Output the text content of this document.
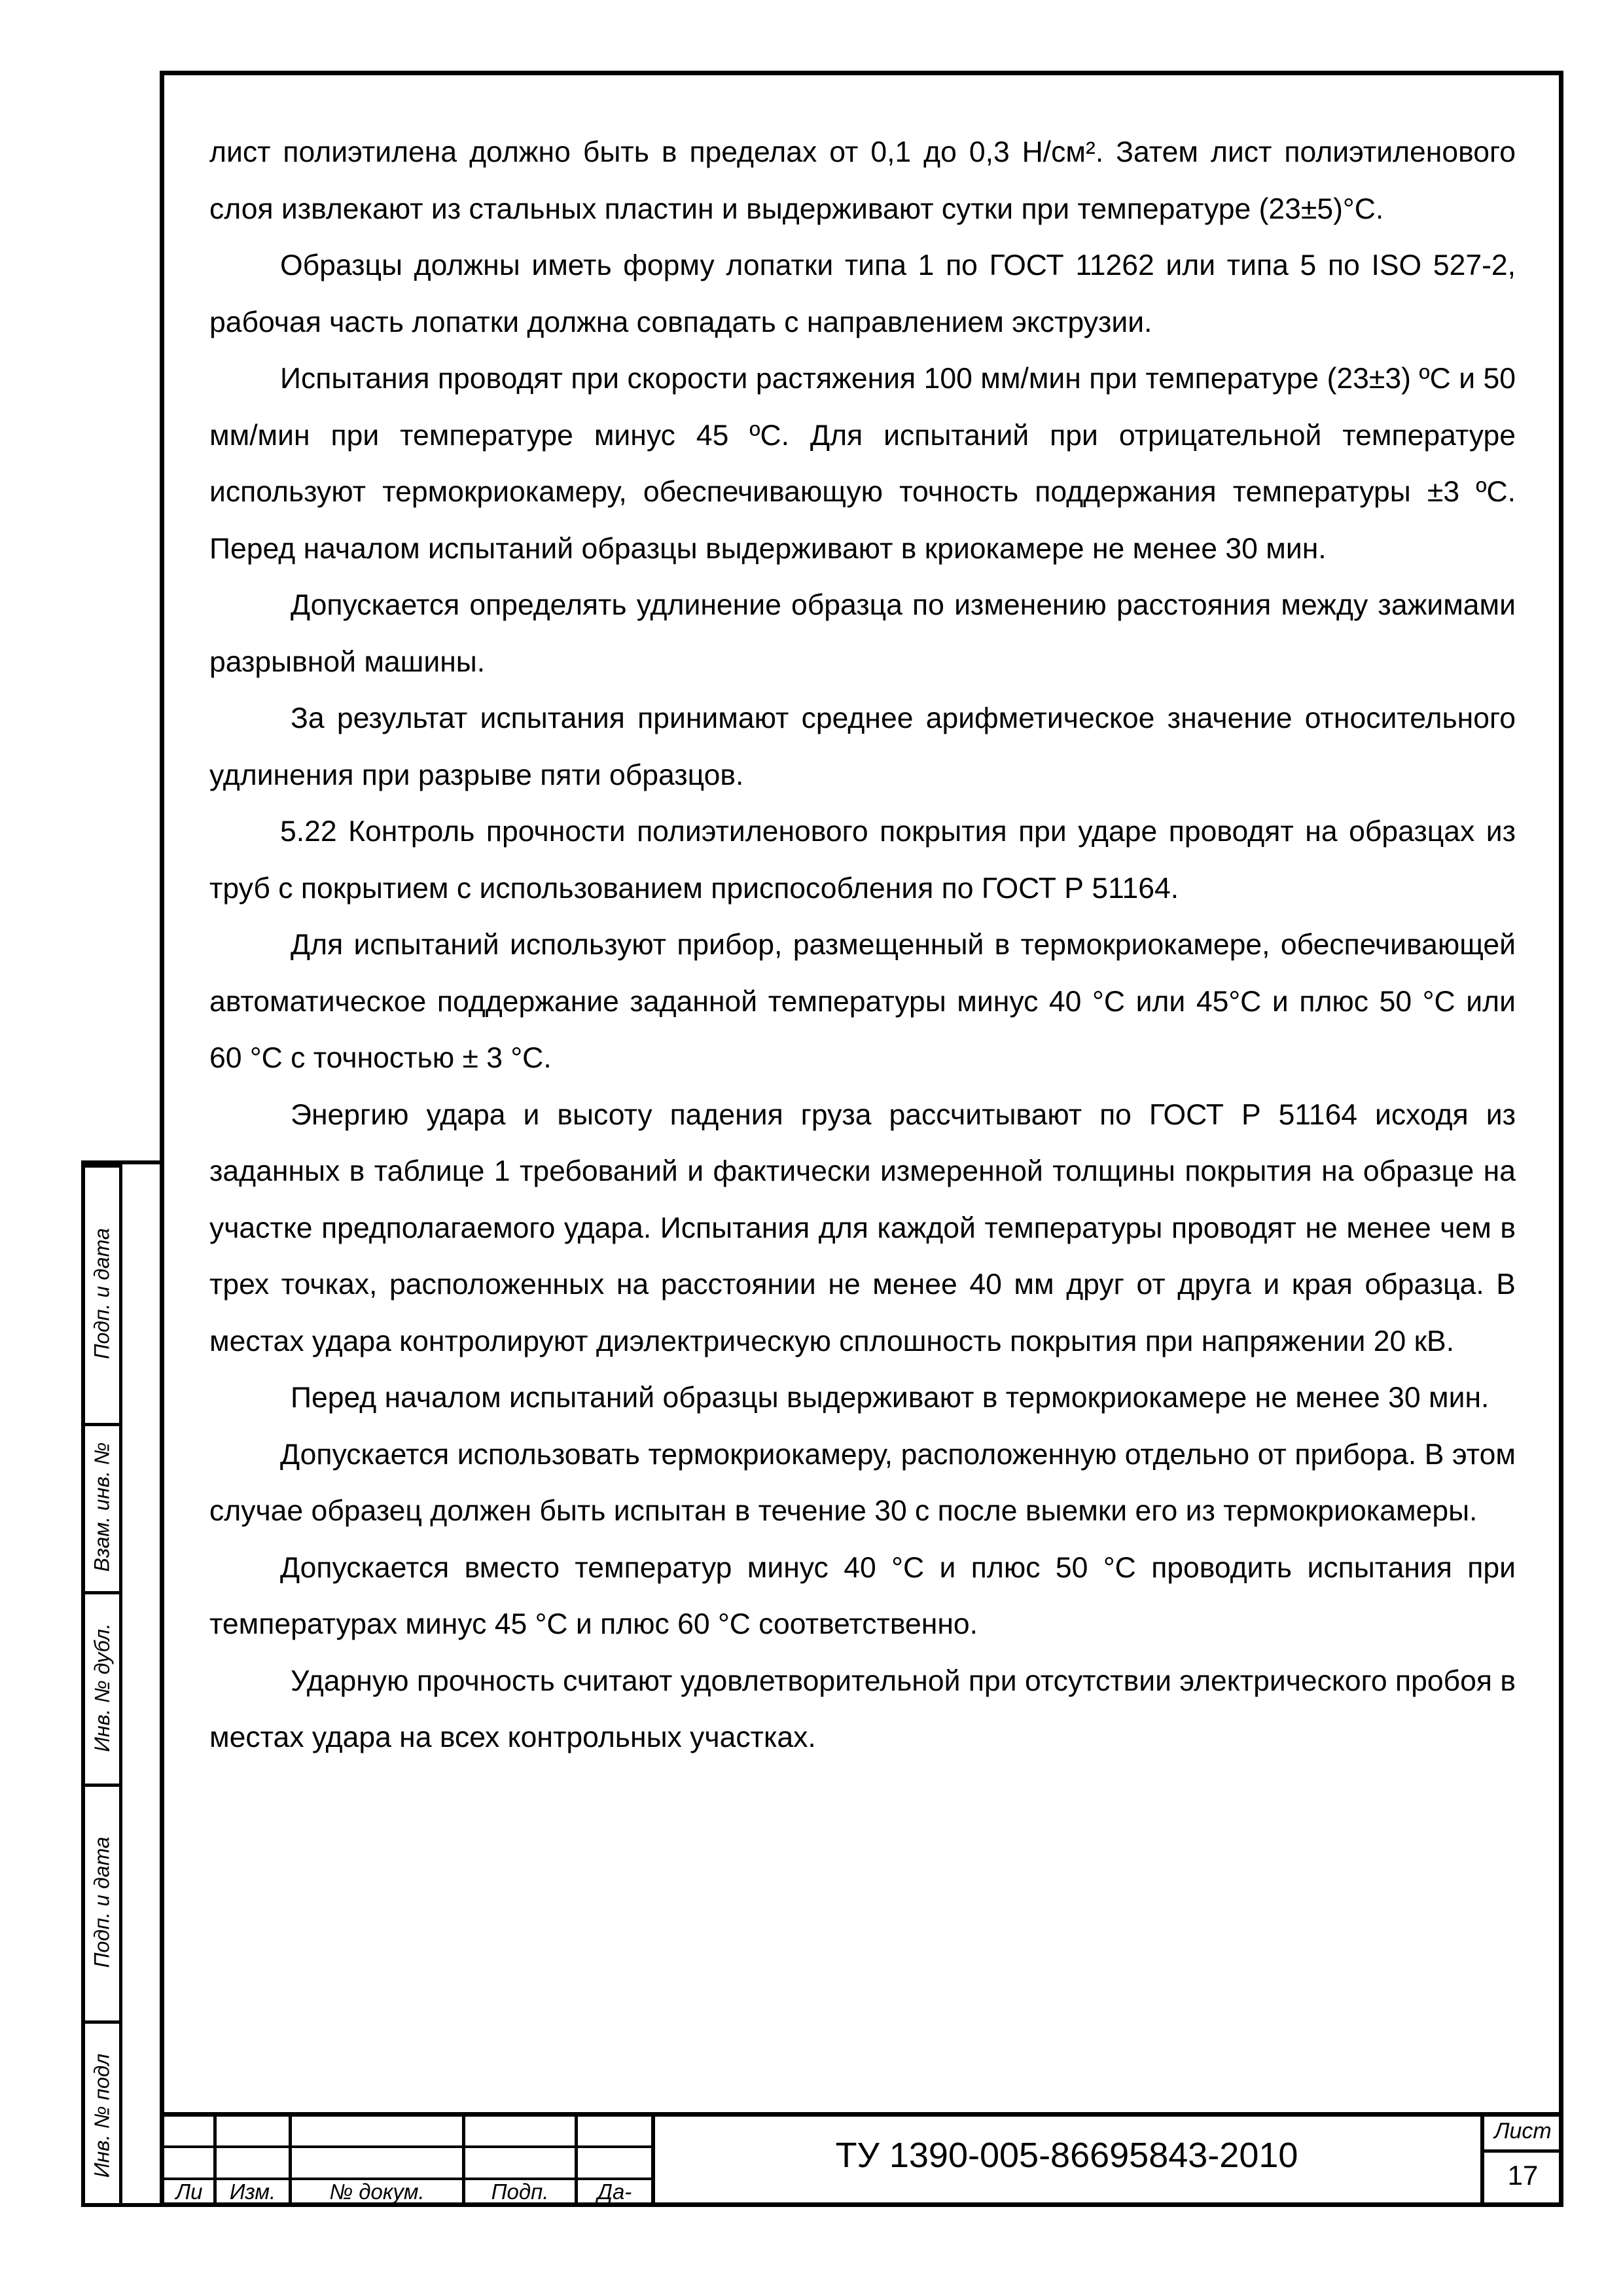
Подп. и дата
Взам. инв. №
Инв. № дубл.
Подп. и дата
Инв. № подл

лист полиэтилена должно быть в пределах от 0,1 до 0,3 Н/см². Затем лист полиэтиленового слоя извлекают из стальных пластин и выдерживают сутки при температуре (23±5)°С.

Образцы должны иметь форму лопатки типа 1 по ГОСТ 11262 или типа 5 по ISO 527-2, рабочая часть лопатки должна совпадать с направлением экструзии.

Испытания проводят при скорости растяжения 100 мм/мин при температуре (23±3) ºС и 50 мм/мин при температуре минус 45 ºС. Для испытаний при отрицательной температуре используют термокриокамеру, обеспечивающую точность поддержания температуры ±3 ºС. Перед началом испытаний образцы выдерживают в криокамере не менее 30 мин.

Допускается определять удлинение образца по изменению расстояния между зажимами разрывной машины.

За результат испытания принимают среднее арифметическое значение относительного удлинения при разрыве пяти образцов.

5.22 Контроль прочности полиэтиленового покрытия при ударе проводят на образцах из труб с покрытием с использованием приспособления по ГОСТ Р 51164.

Для испытаний используют прибор, размещенный в термокриокамере, обеспечивающей автоматическое поддержание заданной температуры минус 40 °С или 45°С и плюс 50 °С или 60 °С с точностью ± 3 °С.

Энергию удара и высоту падения груза рассчитывают по ГОСТ Р 51164 исходя из заданных в таблице 1 требований и фактически измеренной толщины покрытия на образце на участке предполагаемого удара. Испытания для каждой температуры проводят не менее чем в трех точках, расположенных на расстоянии не менее 40 мм друг от друга и края образца. В местах удара контролируют диэлектрическую сплошность покрытия при напряжении 20 кВ.

Перед началом испытаний образцы выдерживают в термокриокамере не менее 30 мин.

Допускается использовать термокриокамеру, расположенную отдельно от прибора. В этом случае образец должен быть испытан в течение 30 с после выемки его из термокриокамеры.

Допускается вместо температур минус 40 °С и плюс 50 °С проводить испытания при температурах минус 45 °С и плюс 60 °С соответственно.

Ударную прочность считают удовлетворительной при отсутствии электрического пробоя в местах удара на всех контрольных участках.

Ли	Изм.	№ докум.	Подп.	Да-
ТУ 1390-005-86695843-2010
Лист
17
